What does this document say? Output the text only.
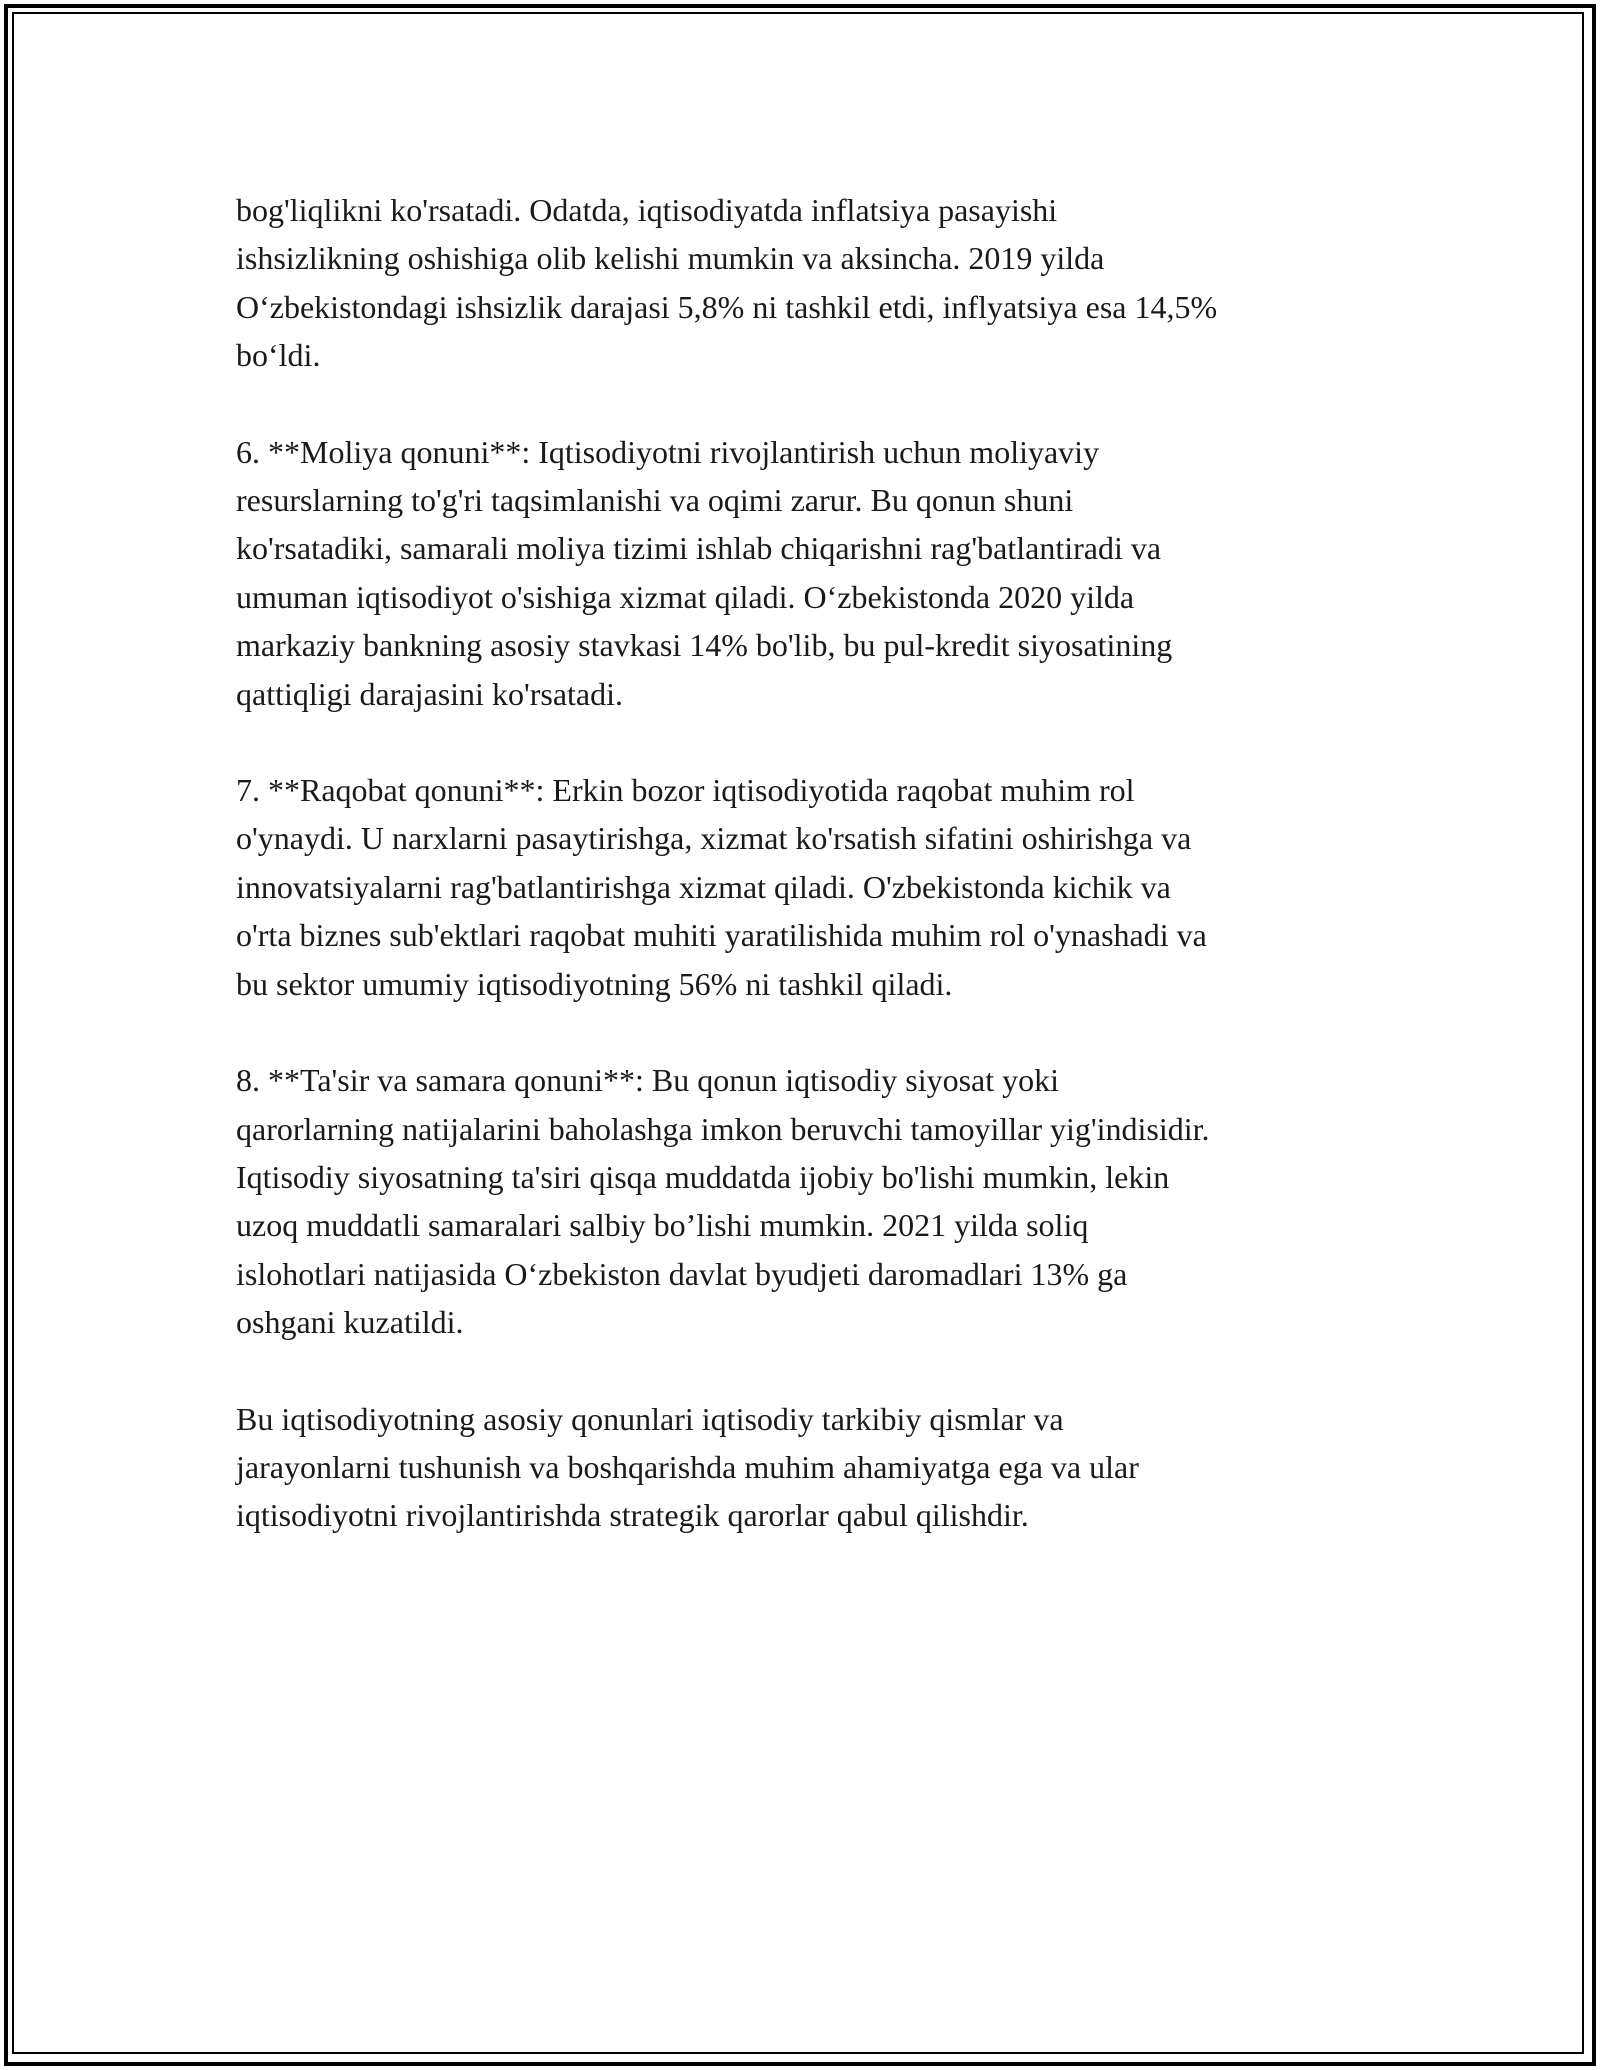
bog'liqlikni ko'rsatadi. Odatda, iqtisodiyatda inflatsiya pasayishi
ishsizlikning oshishiga olib kelishi mumkin va aksincha. 2019 yilda
O‘zbekistondagi ishsizlik darajasi 5,8% ni tashkil etdi, inflyatsiya esa 14,5%
bo‘ldi.

6. **Moliya qonuni**: Iqtisodiyotni rivojlantirish uchun moliyaviy
resurslarning to'g'ri taqsimlanishi va oqimi zarur. Bu qonun shuni
ko'rsatadiki, samarali moliya tizimi ishlab chiqarishni rag'batlantiradi va
umuman iqtisodiyot o'sishiga xizmat qiladi. O‘zbekistonda 2020 yilda
markaziy bankning asosiy stavkasi 14% bo'lib, bu pul-kredit siyosatining
qattiqligi darajasini ko'rsatadi.

7. **Raqobat qonuni**: Erkin bozor iqtisodiyotida raqobat muhim rol
o'ynaydi. U narxlarni pasaytirishga, xizmat ko'rsatish sifatini oshirishga va
innovatsiyalarni rag'batlantirishga xizmat qiladi. O'zbekistonda kichik va
o'rta biznes sub'ektlari raqobat muhiti yaratilishida muhim rol o'ynashadi va
bu sektor umumiy iqtisodiyotning 56% ni tashkil qiladi.

8. **Ta'sir va samara qonuni**: Bu qonun iqtisodiy siyosat yoki
qarorlarning natijalarini baholashga imkon beruvchi tamoyillar yig'indisidir.
Iqtisodiy siyosatning ta'siri qisqa muddatda ijobiy bo'lishi mumkin, lekin
uzoq muddatli samaralari salbiy bo’lishi mumkin. 2021 yilda soliq
islohotlari natijasida O‘zbekiston davlat byudjeti daromadlari 13% ga
oshgani kuzatildi.

Bu iqtisodiyotning asosiy qonunlari iqtisodiy tarkibiy qismlar va
jarayonlarni tushunish va boshqarishda muhim ahamiyatga ega va ular
iqtisodiyotni rivojlantirishda strategik qarorlar qabul qilishdir.
